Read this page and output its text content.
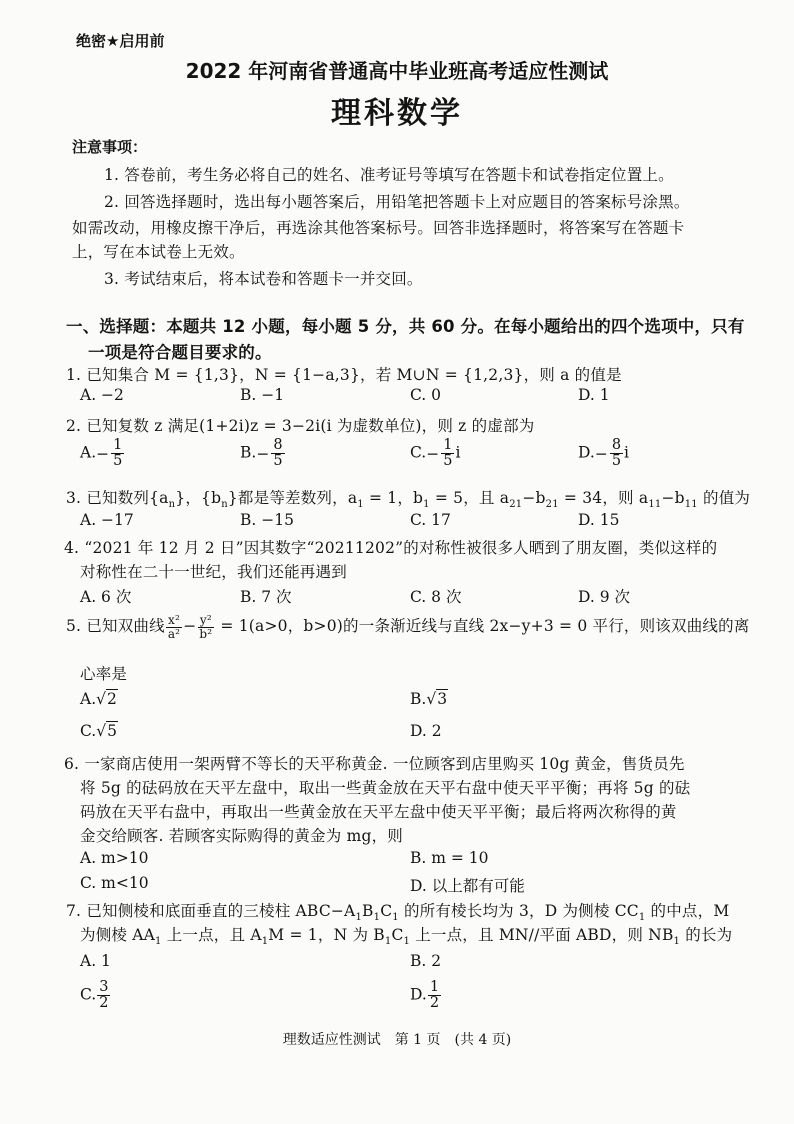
绝密★启用前
2022 年河南省普通高中毕业班高考适应性测试
理科数学
注意事项：
1. 答卷前，考生务必将自己的姓名、准考证号等填写在答题卡和试卷指定位置上。
2. 回答选择题时，选出每小题答案后，用铅笔把答题卡上对应题目的答案标号涂黑。
如需改动，用橡皮擦干净后，再选涂其他答案标号。回答非选择题时，将答案写在答题卡
上，写在本试卷上无效。
3. 考试结束后，将本试卷和答题卡一并交回。
一、选择题：本题共 12 小题，每小题 5 分，共 60 分。在每小题给出的四个选项中，只有
一项是符合题目要求的。
1. 已知集合 M = {1,3}，N = {1−a,3}，若 M∪N = {1,2,3}，则 a 的值是
A. −2	B. −1	C. 0	D. 1
2. 已知复数 z 满足(1+2i)z = 3−2i(i 为虚数单位)，则 z 的虚部为
$A.- \frac{1}{5}$	$B.- \frac{8}{5}$	$C.- \frac{1}{5}$ i	$D.- \frac{8}{5}$ i
3. 已知数列$\{a_n\}$，$\{b_n\}$都是等差数列，$a_1 = 1$，$b_1 = 5$，且 $a_{21}-b_{21} = 34$，则 $a_{11}-b_{11}$ 的值为
A. −17	B. −15	C. 17	D. 15
4. “2021 年 12 月 2 日”因其数字“20211202”的对称性被很多人晒到了朋友圈，类似这样的
对称性在二十一世纪，我们还能再遇到
A. 6 次	B. 7 次	C. 8 次	D. 9 次
5. 已知双曲线 $\frac{\text{x²}}{\text{a²}} - \frac{\text{y²}}{\text{b²}} = 1(a>0$，b>0)的一条渐近线与直线 2x−y+3 = 0 平行，则该双曲线的离
心率是
A.√2	B.√3
C.√5	D. 2
6. 一家商店使用一架两臂不等长的天平称黄金. 一位顾客到店里购买 10g 黄金，售货员先
将 5g 的砝码放在天平左盘中，取出一些黄金放在天平右盘中使天平平衡；再将 5g 的砝
码放在天平右盘中，再取出一些黄金放在天平左盘中使天平平衡；最后将两次称得的黄
金交给顾客. 若顾客实际购得的黄金为 mg，则
A. m>10	B. m = 10
C. m<10	D. 以上都有可能
7. 已知侧棱和底面垂直的三棱柱 $ABC-A_1B_1C_1$ 的所有棱长均为 3，D 为侧棱 $CC_1$ 的中点，M
为侧棱 $AA_1$ 上一点，且 $A_1M = 1$，N 为 $B_1C_1$ 上一点，且 MN//平面 ABD，则 $NB_1$ 的长为
A. 1	B. 2
C. $\frac{3}{2}$	D. $\frac{1}{2}$
理数适应性测试　第 1 页　(共 4 页)
